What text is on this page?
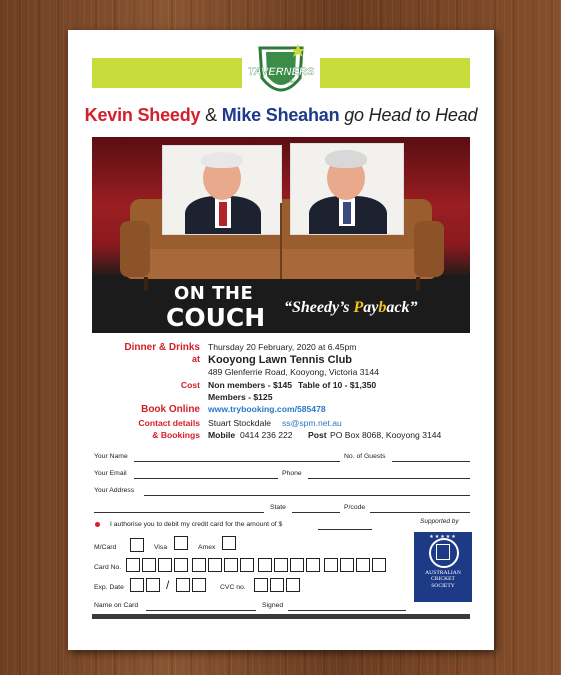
TAVERNERS
VICTORIA
Kevin Sheedy & Mike Sheahan go Head to Head
ON THE
COUCH “Sheedy’s Payback”
Dinner & Drinks Thursday 20 February, 2020 at 6.45pm
at Kooyong Lawn Tennis Club
489 Glenferrie Road, Kooyong, Victoria 3144
Cost Non members - $145 Table of 10 - $1,350
Members - $125
Book Online www.trybooking.com/585478
Contact details Stuart Stockdale ss@spm.net.au
& Bookings Mobile 0414 236 222 Post PO Box 8068, Kooyong 3144
Your Name	No. of Guests
Your Email	Phone
Your Address
State	P/code
I authorise you to debit my credit card for the amount of $
M/Card	Visa	Amex
Card No.
Exp. Date	/	CVC no.
Name on Card	Signed
Supported by
★★★★★
AUSTRALIAN
CRICKET
SOCIETY
